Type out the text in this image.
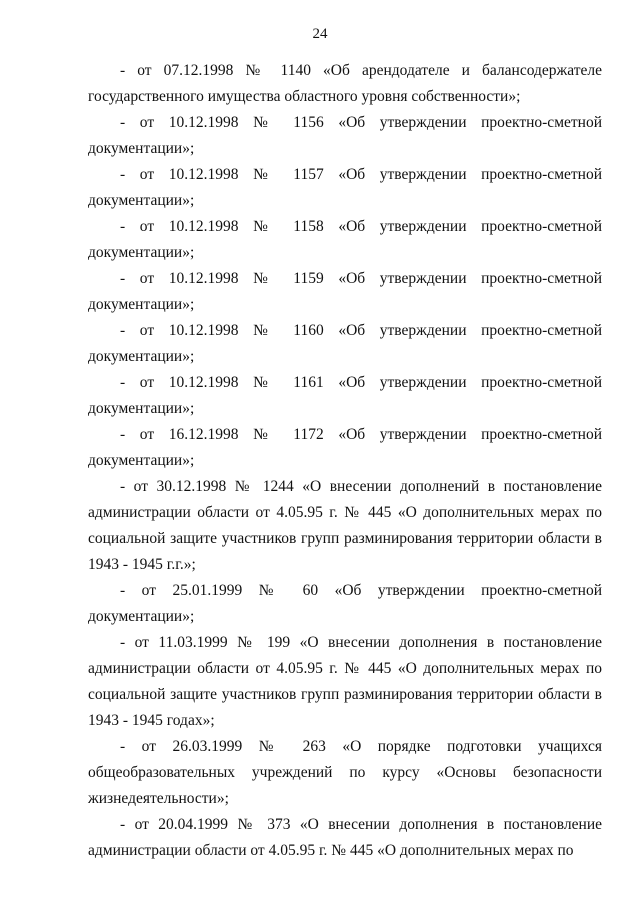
24

- от 07.12.1998 № 1140 «Об арендодателе и балансодержателе
государственного имущества областного уровня собственности»;

- от 10.12.1998 № 1156 «Об утверждении проектно-сметной
документации»;

- от 10.12.1998 № 1157 «Об утверждении проектно-сметной
документации»;

- от 10.12.1998 № 1158 «Об утверждении проектно-сметной
документации»;

- от 10.12.1998 № 1159 «Об утверждении проектно-сметной
документации»;

- от 10.12.1998 № 1160 «Об утверждении проектно-сметной
документации»;

- от 10.12.1998 № 1161 «Об утверждении проектно-сметной
документации»;

- от 16.12.1998 № 1172 «Об утверждении проектно-сметной
документации»;

- от 30.12.1998 № 1244 «О внесении дополнений в постановление
администрации области от 4.05.95 г. № 445 «О дополнительных мерах по социальной защите участников групп разминирования территории области в 1943 - 1945 г.г.»;

- от 25.01.1999 № 60 «Об утверждении проектно-сметной документации»;

- от 11.03.1999 № 199 «О внесении дополнения в постановление
администрации области от 4.05.95 г. № 445 «О дополнительных мерах по социальной защите участников групп разминирования территории области в 1943 - 1945 годах»;

- от 26.03.1999 № 263 «О порядке подготовки учащихся
общеобразовательных учреждений по курсу «Основы безопасности жизнедеятельности»;

- от 20.04.1999 № 373 «О внесении дополнения в постановление
администрации области от 4.05.95 г. № 445 «О дополнительных мерах по
